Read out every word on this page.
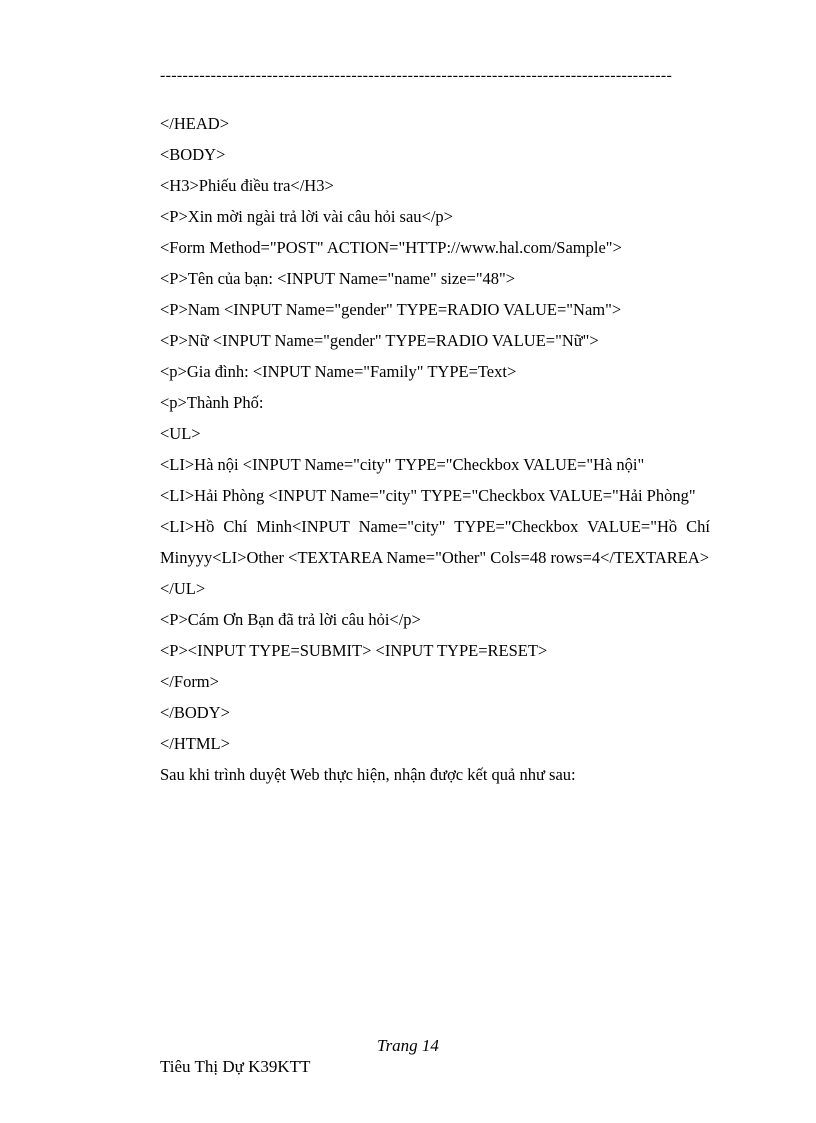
-------------------------------------------------------------------------------------------
</HEAD>
<BODY>
<H3>Phiếu điều tra</H3>
<P>Xin mời ngài trả lời vài câu hỏi sau</p>
<Form Method="POST" ACTION="HTTP://www.hal.com/Sample">
<P>Tên của bạn: <INPUT Name="name" size="48">
<P>Nam <INPUT Name="gender" TYPE=RADIO VALUE="Nam">
<P>Nữ <INPUT Name="gender" TYPE=RADIO VALUE="Nữ">
<p>Gia đình: <INPUT Name="Family" TYPE=Text>
<p>Thành Phố:
<UL>
<LI>Hà nội <INPUT Name="city" TYPE="Checkbox VALUE="Hà nội"
<LI>Hải Phòng <INPUT Name="city" TYPE="Checkbox VALUE="Hải Phòng"
<LI>Hồ Chí Minh<INPUT Name="city" TYPE="Checkbox VALUE="Hồ Chí Minyyy<LI>Other <TEXTAREA Name="Other" Cols=48 rows=4</TEXTAREA>
</UL>
<P>Cám Ơn Bạn đã trả lời câu hỏi</p>
<P><INPUT TYPE=SUBMIT> <INPUT TYPE=RESET>
</Form>
</BODY>
</HTML>
Sau khi trình duyệt Web thực hiện, nhận được kết quả như sau:
Trang 14
Tiêu Thị Dự K39KTT
